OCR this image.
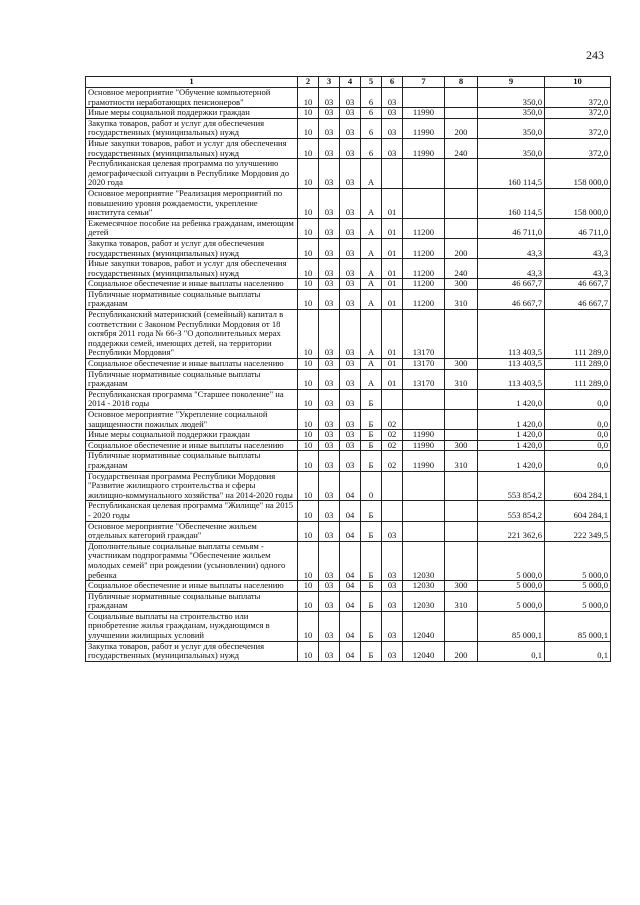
243
1	2	3	4	5	6	7	8	9	10
Основное мероприятие "Обучение компьютерной грамотности неработающих пенсионеров"	10	03	03	6	03			350,0	372,0
Иные меры социальной поддержки граждан	10	03	03	6	03	11990		350,0	372,0
Закупка товаров, работ и услуг для обеспечения государственных (муниципальных) нужд	10	03	03	6	03	11990	200	350,0	372,0
Иные закупки товаров, работ и услуг для обеспечения государственных (муниципальных) нужд	10	03	03	6	03	11990	240	350,0	372,0
Республиканская целевая программа по улучшению демографической ситуации в Республике Мордовия до 2020 года	10	03	03	А				160 114,5	158 000,0
Основное мероприятие "Реализация мероприятий по повышению уровня рождаемости, укрепление института семьи"	10	03	03	А	01			160 114,5	158 000,0
Ежемесячное пособие на ребенка гражданам, имеющим детей	10	03	03	А	01	11200		46 711,0	46 711,0
Закупка товаров, работ и услуг для обеспечения государственных (муниципальных) нужд	10	03	03	А	01	11200	200	43,3	43,3
Иные закупки товаров, работ и услуг для обеспечения государственных (муниципальных) нужд	10	03	03	А	01	11200	240	43,3	43,3
Социальное обеспечение и иные выплаты населению	10	03	03	А	01	11200	300	46 667,7	46 667,7
Публичные нормативные социальные выплаты гражданам	10	03	03	А	01	11200	310	46 667,7	46 667,7
Республиканский материнский (семейный) капитал в соответствии с Законом Республики Мордовия от 18 октября 2011 года № 66-З "О дополнительных мерах поддержки семей, имеющих детей, на территории Республики Мордовия"	10	03	03	А	01	13170		113 403,5	111 289,0
Социальное обеспечение и иные выплаты населению	10	03	03	А	01	13170	300	113 403,5	111 289,0
Публичные нормативные социальные выплаты гражданам	10	03	03	А	01	13170	310	113 403,5	111 289,0
Республиканская программа "Старшее поколение" на 2014 - 2018 годы	10	03	03	Б				1 420,0	0,0
Основное мероприятие "Укрепление социальной защищенности пожилых людей"	10	03	03	Б	02			1 420,0	0,0
Иные меры социальной поддержки граждан	10	03	03	Б	02	11990		1 420,0	0,0
Социальное обеспечение и иные выплаты населению	10	03	03	Б	02	11990	300	1 420,0	0,0
Публичные нормативные социальные выплаты гражданам	10	03	03	Б	02	11990	310	1 420,0	0,0
Государственная программа Республики Мордовия "Развитие жилищного строительства и сферы жилищно-коммунального хозяйства" на 2014-2020 годы	10	03	04	0				553 854,2	604 284,1
Республиканская целевая программа "Жилище" на 2015 - 2020 годы	10	03	04	Б				553 854,2	604 284,1
Основное мероприятие "Обеспечение жильем отдельных категорий граждан"	10	03	04	Б	03			221 362,6	222 349,5
Дополнительные социальные выплаты семьям - участникам подпрограммы "Обеспечение жильем молодых семей" при рождении (усыновлении) одного ребенка	10	03	04	Б	03	12030		5 000,0	5 000,0
Социальное обеспечение и иные выплаты населению	10	03	04	Б	03	12030	300	5 000,0	5 000,0
Публичные нормативные социальные выплаты гражданам	10	03	04	Б	03	12030	310	5 000,0	5 000,0
Социальные выплаты на строительство или приобретение жилья гражданам, нуждающимся в улучшении жилищных условий	10	03	04	Б	03	12040		85 000,1	85 000,1
Закупка товаров, работ и услуг для обеспечения государственных (муниципальных) нужд	10	03	04	Б	03	12040	200	0,1	0,1
